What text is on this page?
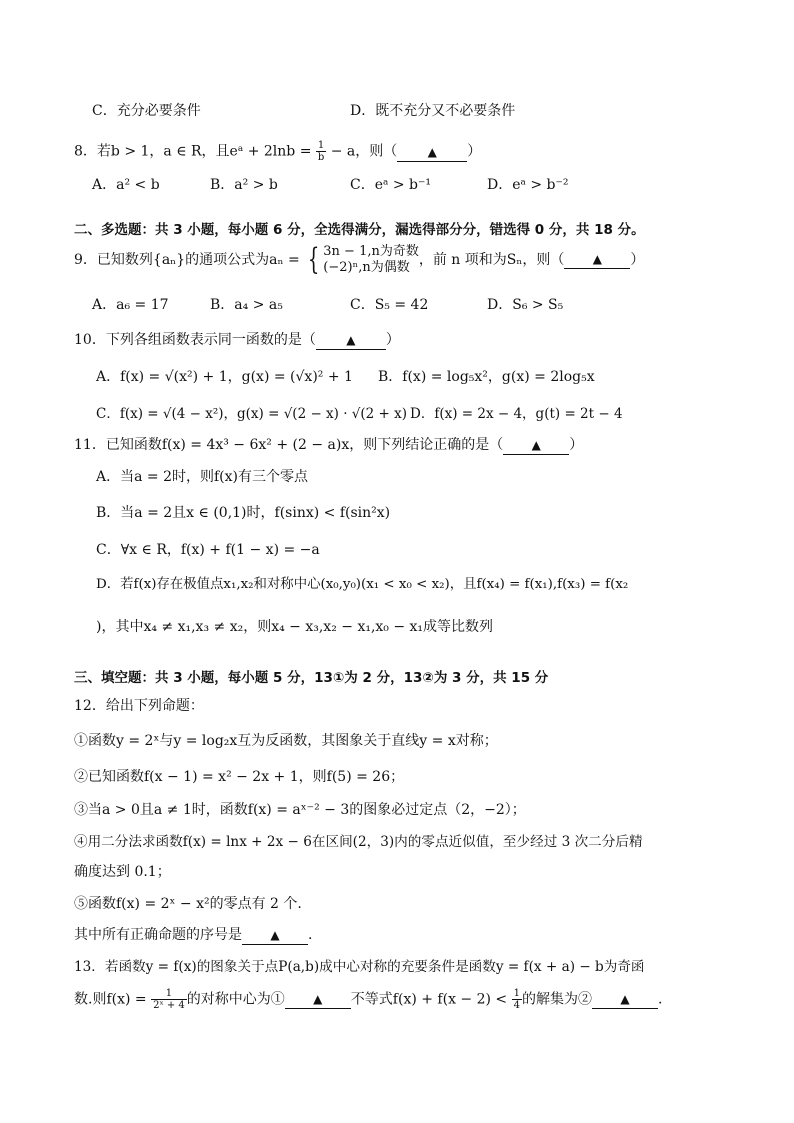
C．充分必要条件	D．既不充分又不必要条件
8．若b > 1，a ∈ R，且eᵃ + $2\ln b = \frac{1}{b} - a$，则（	▲ ）
A．a² < b	B．a² > b	C．eᵃ > b⁻¹	D．eᵃ > b⁻²
二、多选题：共 3 小题，每小题 6 分，全选得满分，漏选得部分分，错选得 0 分，共 18 分。
9．已知数列{aₙ}的通项公式为aₙ = { 3n − 1,n为奇数
(−2)ⁿ,n为偶数 ，前 n 项和为Sₙ，则（ ▲ ）
A．a₆ = 17	B．a₄ > a₅	C．S₅ = 42	D．S₆ > S₅
10．下列各组函数表示同一函数的是（	▲ ）
A．f(x) = √(x²) + 1，g(x) = (√x)² + 1 B．f(x) = log₅x²，g(x) = 2log₅x
C．f(x) = √(4 − x²)，g(x) = √(2 − x) · √(2 + x) D．f(x) = 2x − 4，g(t) = 2t − 4
11．已知函数f(x) = 4x³ − 6x² + (2 − a)x，则下列结论正确的是（ ▲ ）
A．当a = 2时，则f(x)有三个零点
B．当a = 2且x ∈ (0,1)时，f(sinx) < f(sin²x)
C．∀x ∈ R，f(x) + f(1 − x) = −a
D．若f(x)存在极值点x₁,x₂和对称中心(x₀,y₀)(x₁ < x₀ < x₂)，且f(x₄) = f(x₁),f(x₃) = f(x₂
)，其中x₄ ≠ x₁,x₃ ≠ x₂，则x₄ − x₃,x₂ − x₁,x₀ − x₁成等比数列
三、填空题：共 3 小题，每小题 5 分，13①为 2 分，13②为 3 分，共 15 分
12．给出下列命题：
①函数y = 2ˣ与y = log₂x互为反函数，其图象关于直线y = x对称；
②已知函数f(x − 1) = x² − 2x + 1，则f(5) = 26；
③当a > 0且a ≠ 1时，函数f(x) = aˣ⁻² − 3的图象必过定点（2，−2）；
④用二分法求函数f(x) = lnx + 2x − 6在区间(2，3)内的零点近似值，至少经过 3 次二分后精
确度达到 0.1；
⑤函数f(x) = 2ˣ − x²的零点有 2 个.
其中所有正确命题的序号是 ▲ .
13．若函数y = f(x)的图象关于点P(a,b)成中心对称的充要条件是函数y = f(x + a) − b为奇函
数.则$f(x) = \frac{1}{\text{2ˣ + 4}}$ 的对称中心为① ▲ 不等式$f(x) + f(x - 2) < \frac{1}{4}$ 的解集为② ▲ .
